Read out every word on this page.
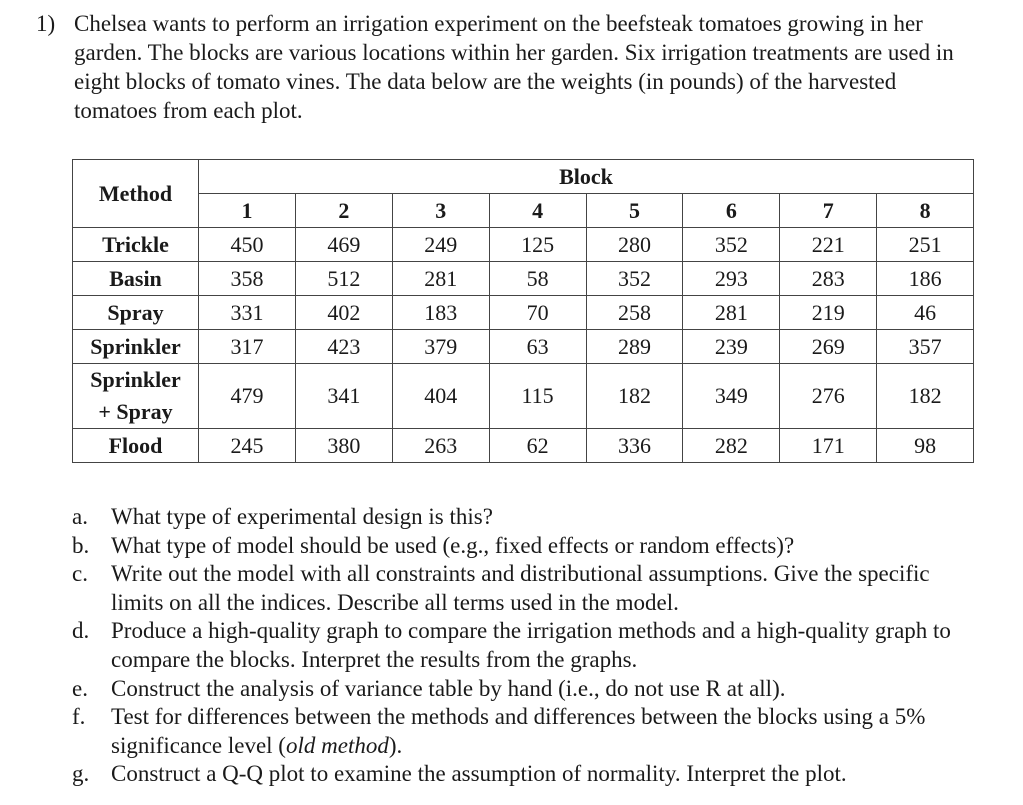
1) Chelsea wants to perform an irrigation experiment on the beefsteak tomatoes growing in her garden. The blocks are various locations within her garden. Six irrigation treatments are used in eight blocks of tomato vines. The data below are the weights (in pounds) of the harvested tomatoes from each plot.
Method	Block							
	1	2	3	4	5	6	7	8
Trickle	450	469	249	125	280	352	221	251
Basin	358	512	281	58	352	293	283	186
Spray	331	402	183	70	258	281	219	46
Sprinkler	317	423	379	63	289	239	269	357
Sprinkler
+ Spray	479	341	404	115	182	349	276	182
Flood	245	380	263	62	336	282	171	98
a. What type of experimental design is this?
b. What type of model should be used (e.g., fixed effects or random effects)?
c. Write out the model with all constraints and distributional assumptions. Give the specific limits on all the indices. Describe all terms used in the model.
d. Produce a high-quality graph to compare the irrigation methods and a high-quality graph to compare the blocks. Interpret the results from the graphs.
e. Construct the analysis of variance table by hand (i.e., do not use R at all).
f. Test for differences between the methods and differences between the blocks using a 5% significance level (old method).
g. Construct a Q-Q plot to examine the assumption of normality. Interpret the plot.
